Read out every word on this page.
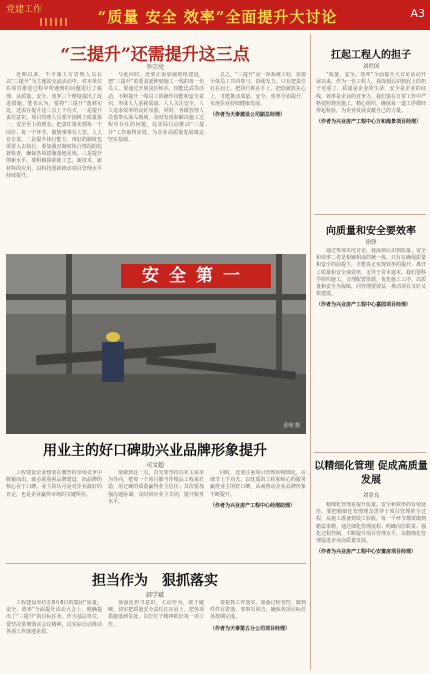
党建工作	“质量 安全 效率”全面提升大讨论	A3
“三提升”还需提升这三点
李宗亮

近期以来，不少施工方管理人员在以“三提升”为主题的交流活动中，对本单位在项目推进过程中所遇到的问题进行了梳理，从质量、安全、效率三个维度提出了改进措施。笔者认为，要将“三提升”落到实处，还需在提升这三点上下功夫。一是提升责任意识。项目管理人员要牢固树立质量第一、安全至上的理念，把责任落实到每一个岗位、每一个环节，做到事事有人管、人人有专责。二是提升执行能力。再好的制度也需要人去执行，要加强对制度执行情况的监督检查，确保各项措施落地见效。三是提升创新水平。要积极探索新工艺、新技术、新材料的应用，以科技创新推动项目管理水平持续提升。

与此同时，还要注重加强班组建设，把“三提升”的要求延伸到施工一线的每一名员工。要通过开展岗位练兵、技能比武等活动，不断提升一线员工的操作技能和安全意识，形成人人重视质量、人人关注安全、人人追求效率的良好氛围。同时，各级管理人员要带头深入现场，及时发现和解决施工过程中存在的问题，以实际行动推动“三提升”工作取得实效，为企业高质量发展奠定坚实基础。

总之，“三提升”是一项系统工程，需要全体员工共同参与、持续发力。只有把责任扛在肩上、把执行抓在手上、把创新放在心上，才能推动质量、安全、效率全面提升，实现企业持续健康发展。

（作者为天泰建设公司副总经理）

安全第一
张明 摄
用业主的好口碑助兴业品牌形象提升
司文超

工程建设企业想要在激烈的市场竞争中脱颖而出，就必须重视品牌建设，而品牌的核心在于口碑。业主的认可是对企业最好的肯定，也是企业赢得市场的关键所在。

要做到这一点，首先要坚持以业主需求为导向，把每一个项目都当作精品工程来打造，用过硬的质量赢得业主信任；其次要加强沟通协调，及时回应业主关切，提升服务水平。

同时，还要注重项目管理的精细化，在细节上下功夫，以优质的工程和贴心的服务赢得业主的好口碑，从而推动企业品牌形象不断提升。

（作者为兴业房产工程中心经理助理）

担当作为　狠抓落实
韩学斌

工程建设单位在8月8日的集团“质量、安全、效率”全面提升活动大会上，明确提出了“三提升”的目标任务。作为基层单位，要坚决贯彻落实会议精神，以实际行动推动各项工作落地见效。

要强化担当意识，主动作为，敢于碰硬，切实把质量安全责任扛在肩上，把各项措施落到实处，以钉钉子精神抓好每一项工作。

要狠抓工作落实，加强过程管控，做到件件有着落、事事有回音，确保各项目标任务按期完成。

（作者为天泰第五分公司项目经理）

扛起工程人的担子
刘世国

“质量、安全、效率”全面提升大讨论活动开展以来，作为一名工程人，我深刻认识到肩上的担子更重了。质量是企业的生命，安全是企业的底线，效率是企业的竞争力。我们要在日常工作中严格按照规范施工，精心组织，确保每一道工序都经得起检验，为企业发展贡献自己的力量。

（作者为兴业房产工程中心万和海景项目经理）

向质量和安全要效率
徐铮

通过参加本次讨论，我深刻认识到质量、安全和效率三者是相辅相成的统一体。只有在确保质量和安全的前提下，才能真正实现效率的提升。离开了质量和安全谈效率，无异于舍本逐末。我们要科学组织施工，合理配置资源，优化施工工序，以质量和安全为保障，向管理要效益，推动项目又好又快建设。

（作者为兴业房产工程中心嘉园项目经理）

以精细化管理 促成高质量发展
刘金良

精细化管理是提升质量、安全和效率的有效途径。要把精细化管理理念贯穿于项目管理的全过程，从施工准备到竣工验收，每一个环节都要做到精益求精。通过细化管理流程、明确岗位职责、强化过程控制，不断提升项目管理水平，以精细化管理促进企业高质量发展。

（作者为兴业房产工程中心安置房项目经理）
